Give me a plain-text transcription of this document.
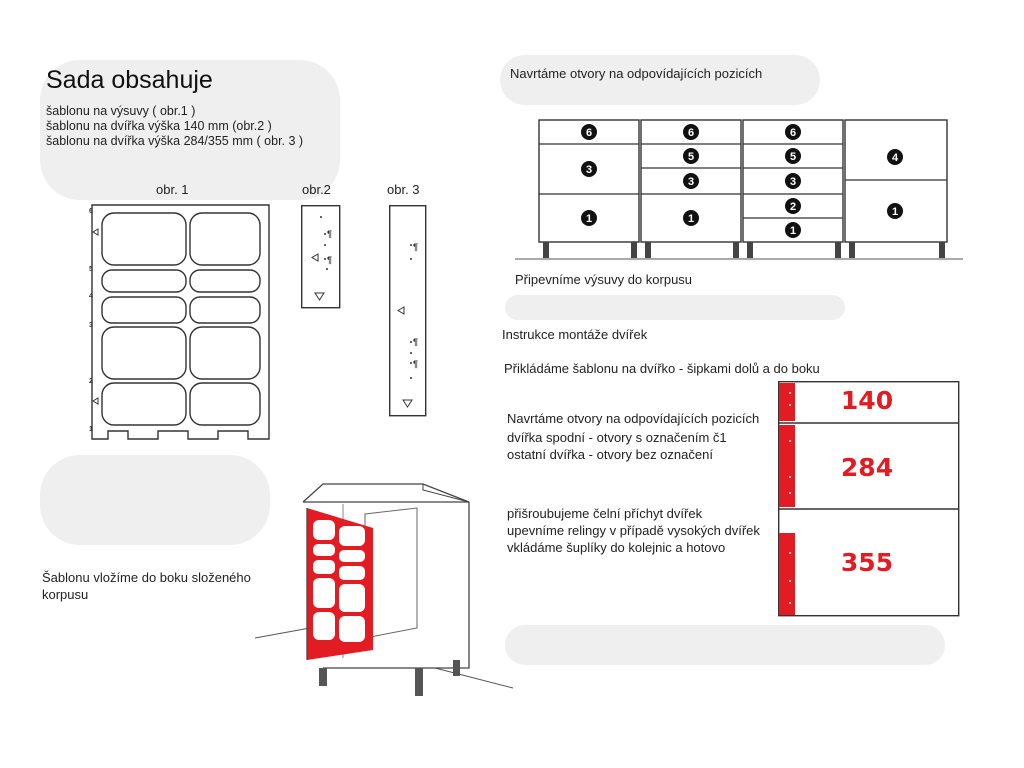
Sada obsahuje
šablonu na výsuvy ( obr.1 )
šablonu na dvířka výška 140 mm (obr.2 )
šablonu na dvířka výška 284/355 mm ( obr. 3 )
obr. 1	obr.2	obr. 3
6
5
4
3
2
1
¶
¶
¶
¶
¶
Navrtáme otvory na odpovídajících pozicích
6
3
1
6
5
3
1
6
5
3
2
1
4
1
Připevníme výsuvy do korpusu
Instrukce montáže dvířek
Přikládáme šablonu na dvířko - šipkami dolů a do boku
Navrtáme otvory na odpovídajících pozicích
dvířka spodní - otvory s označením č1
ostatní dvířka - otvory bez označení
přišroubujeme čelní příchyt dvířek
upevníme relingy v případě vysokých dvířek
vkládáme šuplíky do kolejnic a hotovo
140
284
355
Šablonu vložíme do boku složeného
korpusu
